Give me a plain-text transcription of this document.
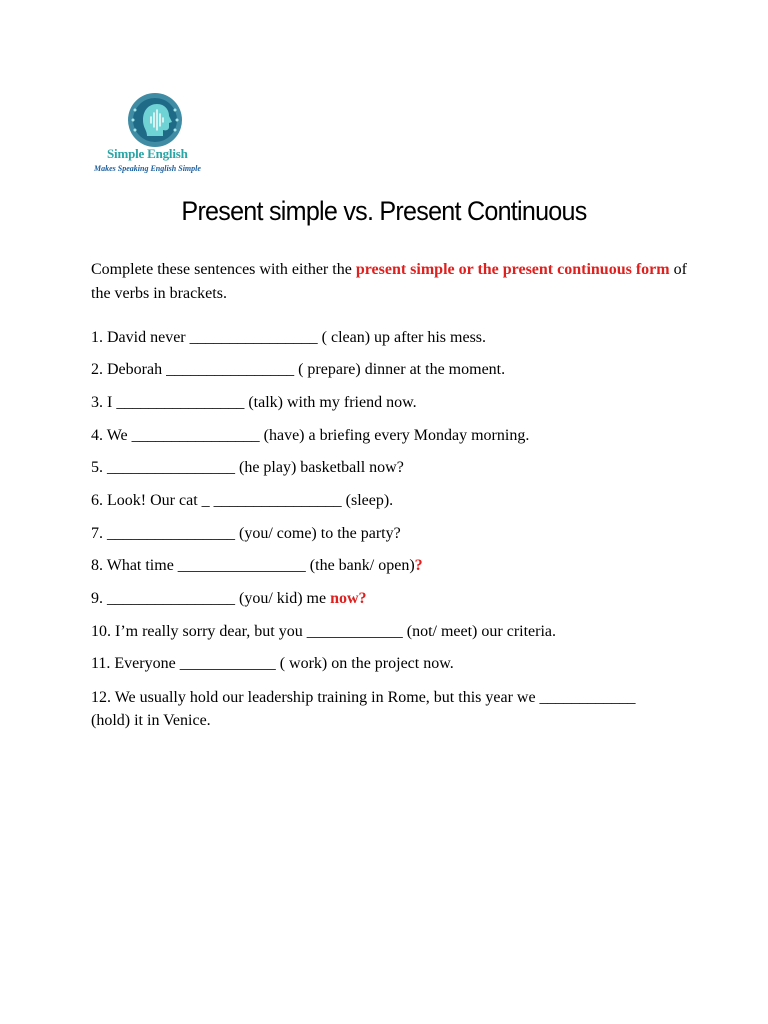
Simple English
Makes Speaking English Simple
Present simple vs. Present Continuous
Complete these sentences with either the present simple or the present continuous form of the verbs in brackets.
1. David never ________________ ( clean) up after his mess.
2. Deborah ________________ ( prepare) dinner at the moment.
3. I ________________ (talk) with my friend now.
4. We ________________ (have) a briefing every Monday morning.
5. ________________ (he play) basketball now?
6. Look! Our cat _ ________________ (sleep).
7. ________________ (you/ come) to the party?
8. What time ________________ (the bank/ open)?
9. ________________ (you/ kid) me now?
10. I’m really sorry dear, but you ____________ (not/ meet) our criteria.
11. Everyone ____________ ( work) on the project now.
12. We usually hold our leadership training in Rome, but this year we ____________ (hold) it in Venice.
